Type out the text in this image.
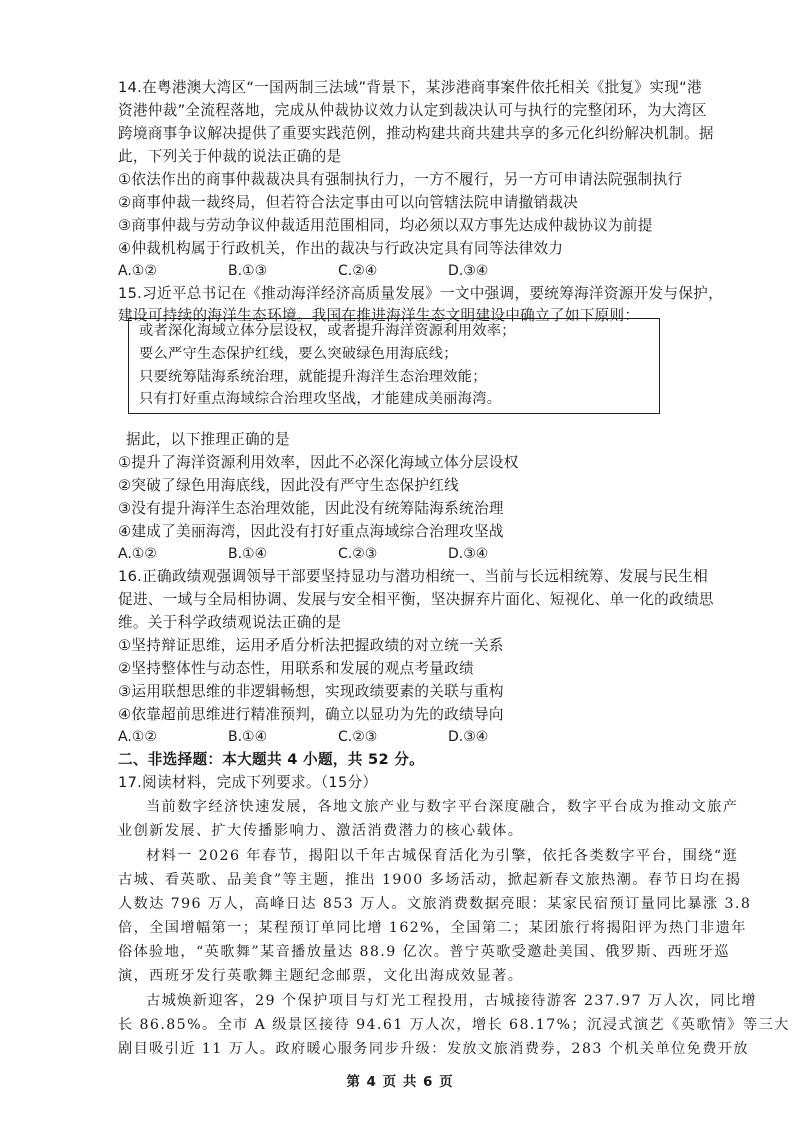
14.在粤港澳大湾区“一国两制三法域”背景下，某涉港商事案件依托相关《批复》实现“港
资港仲裁”全流程落地，完成从仲裁协议效力认定到裁决认可与执行的完整闭环，为大湾区
跨境商事争议解决提供了重要实践范例，推动构建共商共建共享的多元化纠纷解决机制。据
此，下列关于仲裁的说法正确的是
①依法作出的商事仲裁裁决具有强制执行力，一方不履行，另一方可申请法院强制执行
②商事仲裁一裁终局，但若符合法定事由可以向管辖法院申请撤销裁决
③商事仲裁与劳动争议仲裁适用范围相同，均必须以双方事先达成仲裁协议为前提
④仲裁机构属于行政机关，作出的裁决与行政决定具有同等法律效力
A.①②	B.①③	C.②④	D.③④
15.习近平总书记在《推动海洋经济高质量发展》一文中强调，要统筹海洋资源开发与保护，
建设可持续的海洋生态环境。我国在推进海洋生态文明建设中确立了如下原则：
或者深化海域立体分层设权，或者提升海洋资源利用效率；
要么严守生态保护红线，要么突破绿色用海底线；
只要统筹陆海系统治理，就能提升海洋生态治理效能；
只有打好重点海域综合治理攻坚战，才能建成美丽海湾。
据此，以下推理正确的是
①提升了海洋资源利用效率，因此不必深化海域立体分层设权
②突破了绿色用海底线，因此没有严守生态保护红线
③没有提升海洋生态治理效能，因此没有统筹陆海系统治理
④建成了美丽海湾，因此没有打好重点海域综合治理攻坚战
A.①②	B.①④	C.②③	D.③④
16.正确政绩观强调领导干部要坚持显功与潜功相统一、当前与长远相统筹、发展与民生相
促进、一域与全局相协调、发展与安全相平衡，坚决摒弃片面化、短视化、单一化的政绩思
维。关于科学政绩观说法正确的是
①坚持辩证思维，运用矛盾分析法把握政绩的对立统一关系
②坚持整体性与动态性，用联系和发展的观点考量政绩
③运用联想思维的非逻辑畅想，实现政绩要素的关联与重构
④依靠超前思维进行精准预判，确立以显功为先的政绩导向
A.①②	B.①④	C.②③	D.③④
二、非选择题：本大题共 4 小题，共 52 分。
17.阅读材料，完成下列要求。（15分）
当前数字经济快速发展，各地文旅产业与数字平台深度融合，数字平台成为推动文旅产
业创新发展、扩大传播影响力、激活消费潜力的核心载体。
材料一 2026 年春节，揭阳以千年古城保育活化为引擎，依托各类数字平台，围绕“逛
古城、看英歌、品美食”等主题，推出 1900 多场活动，掀起新春文旅热潮。春节日均在揭
人数达 796 万人，高峰日达 853 万人。文旅消费数据亮眼：某家民宿预订量同比暴涨 3.8
倍，全国增幅第一；某程预订单同比增 162%，全国第二；某团旅行将揭阳评为热门非遗年
俗体验地，“英歌舞”某音播放量达 88.9 亿次。普宁英歌受邀赴美国、俄罗斯、西班牙巡
演，西班牙发行英歌舞主题纪念邮票，文化出海成效显著。
古城焕新迎客，29 个保护项目与灯光工程投用，古城接待游客 237.97 万人次，同比增
长 86.85%。全市 A 级景区接待 94.61 万人次，增长 68.17%；沉浸式演艺《英歌情》等三大
剧目吸引近 11 万人。政府暖心服务同步升级：发放文旅消费券，283 个机关单位免费开放
第 4 页 共 6 页
